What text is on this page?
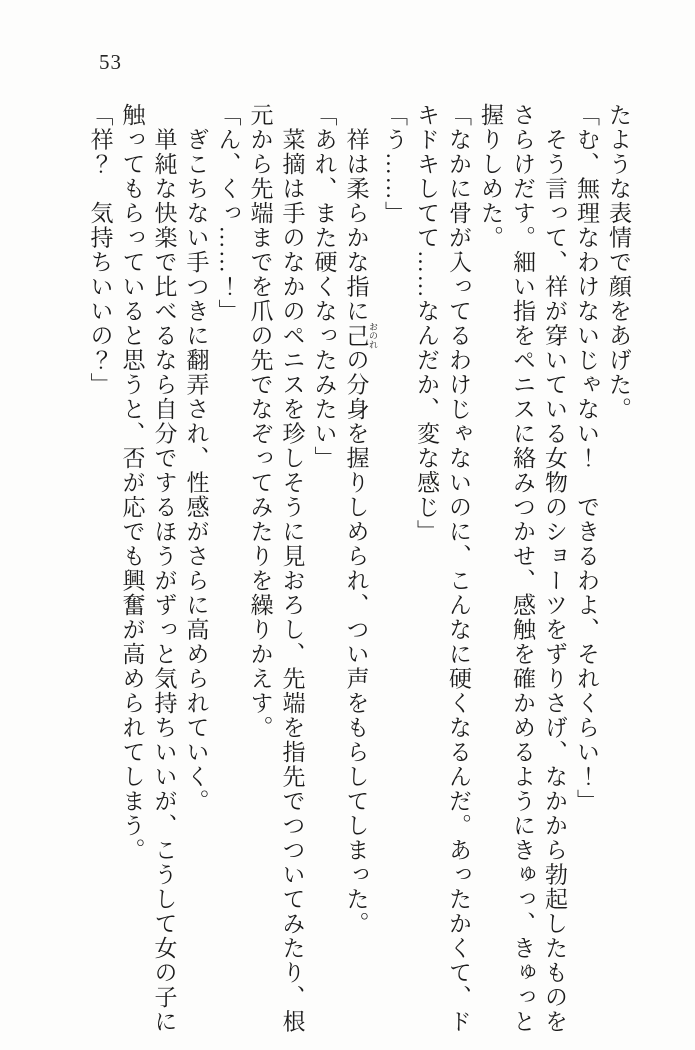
53

たような表情で顔をあげた。

「む、無理なわけないじゃない！　できるわよ、それくらい！」

　そう言って、祥が穿いている女物のショーツをずりさげ、なかから勃起したものをさらけだす。細い指をペニスに絡みつかせ、感触を確かめるようにきゅっ、きゅっと握りしめた。

「なかに骨が入ってるわけじゃないのに、こんなに硬くなるんだ。あったかくて、ドキドキしてて……なんだか、変な感じ」

「う……」

　祥は柔らかな指に己 おのれの分身を握りしめられ、つい声をもらしてしまった。

「あれ、また硬くなったみたい」

　菜摘は手のなかのペニスを珍しそうに見おろし、先端を指先でつついてみたり、根元から先端までを爪の先でなぞってみたりを繰りかえす。

「ん、くっ……！」

　ぎこちない手つきに翻弄され、性感がさらに高められていく。

　単純な快楽で比べるなら自分でするほうがずっと気持ちいいが、こうして女の子に触ってもらっていると思うと、否が応でも興奮が高められてしまう。

「祥？　気持ちいいの？」
